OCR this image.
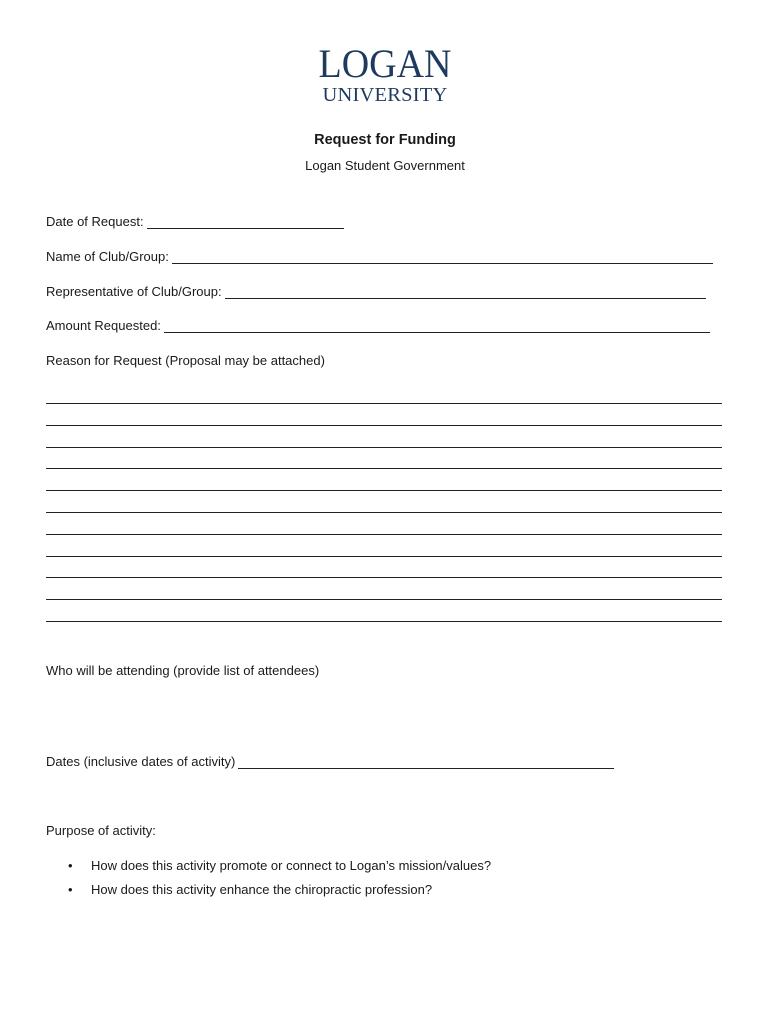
LOGAN
UNIVERSITY
Request for Funding
Logan Student Government
Date of Request:
Name of Club/Group:
Representative of Club/Group:
Amount Requested:
Reason for Request (Proposal may be attached)
Who will be attending (provide list of attendees)
Dates (inclusive dates of activity)
Purpose of activity:
• How does this activity promote or connect to Logan’s mission/values?
• How does this activity enhance the chiropractic profession?
